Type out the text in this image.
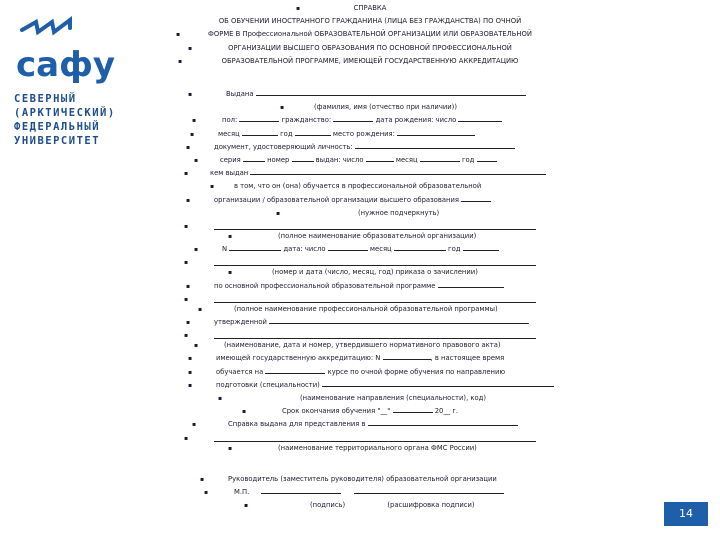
сафу
СЕВЕРНЫЙ
(АРКТИЧЕСКИЙ)
ФЕДЕРАЛЬНЫЙ
УНИВЕРСИТЕТ
▪	СПРАВКА
ОБ ОБУЧЕНИИ ИНОСТРАННОГО ГРАЖДАНИНА (ЛИЦА БЕЗ ГРАЖДАНСТВА) ПО ОЧНОЙ
▪	ФОРМЕ В Профессиональной ОБРАЗОВАТЕЛЬНОЙ ОРГАНИЗАЦИИ ИЛИ ОБРАЗОВАТЕЛЬНОЙ
▪	ОРГАНИЗАЦИИ ВЫСШЕГО ОБРАЗОВАНИЯ ПО ОСНОВНОЙ ПРОФЕССИОНАЛЬНОЙ
▪	ОБРАЗОВАТЕЛЬНОЙ ПРОГРАММЕ, ИМЕЮЩЕЙ ГОСУДАРСТВЕННУЮ АККРЕДИТАЦИЮ
▪	Выдана
▪	(фамилия, имя (отчество при наличии))
▪	пол:	гражданство:	дата рождения: число
▪	месяц	год	место рождения:
▪	документ, удостоверяющий личность:
▪	серия	номер	выдан: число	месяц	год
▪	кем выдан
▪	в том, что он (она) обучается в профессиональной образовательной
▪	организации / образовательной организации высшего образования
▪	(нужное подчеркнуть)
▪
▪	(полное наименование образовательной организации)
▪	N	дата: число	месяц	год
▪
▪	(номер и дата (число, месяц, год) приказа о зачислении)
▪	по основной профессиональной образовательной программе
▪
▪	(полное наименование профессиональной образовательной программы)
▪	утвержденной
▪
▪	(наименование, дата и номер, утвердившего нормативного правового акта)
▪	имеющей государственную аккредитацию: N	, в настоящее время
▪	обучается на	курсе по очной форме обучения по направлению
▪	подготовки (специальности)
▪	(наименование направления (специальности), код)
▪	Срок окончания обучения "__"	20__ г.
▪	Справка выдана для представления в
▪
▪	(наименование территориального органа ФМС России)
▪	Руководитель (заместитель руководителя) образовательной организации
▪	М.П.
▪	(подпись)	(расшифровка подписи)
14
